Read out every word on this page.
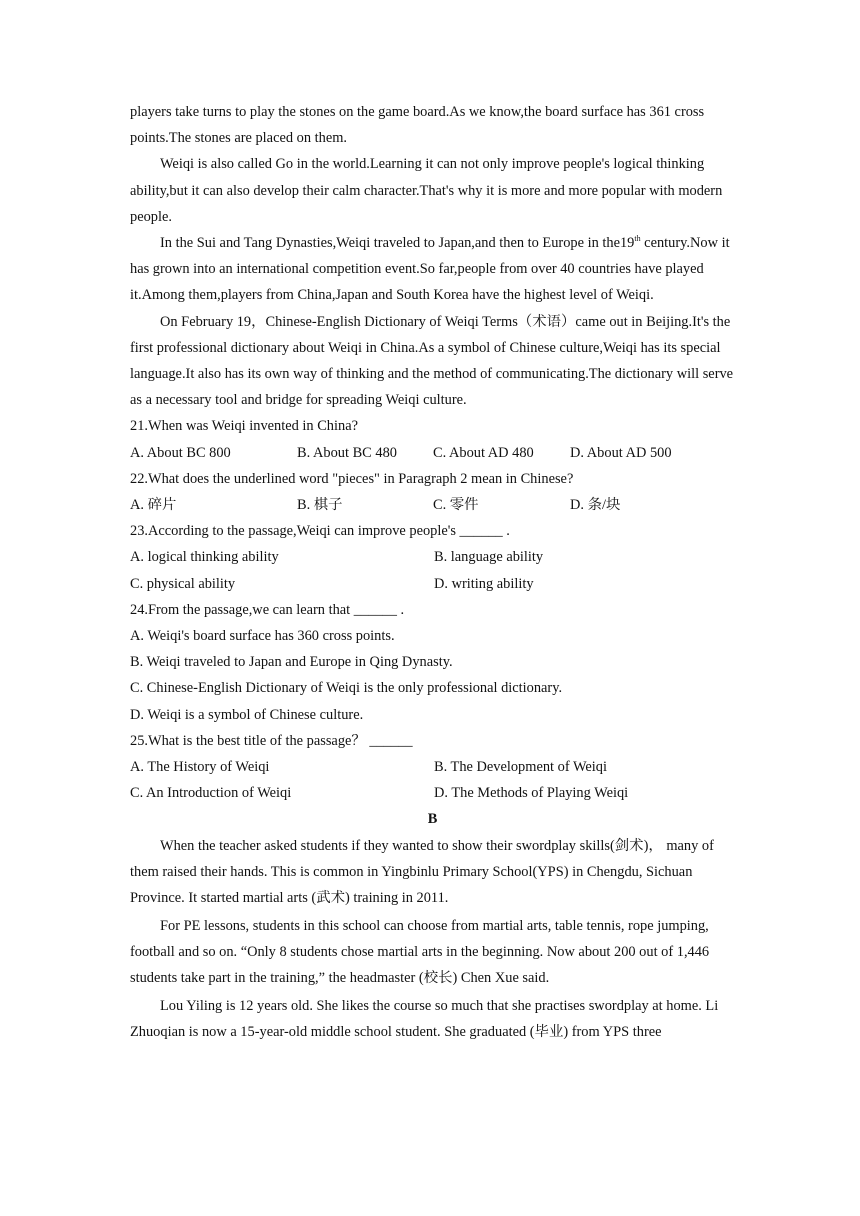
players take turns to play the stones on the game board.As we know,the board surface has 361 cross points.The stones are placed on them.

Weiqi is also called Go in the world.Learning it can not only improve people's logical thinking ability,but it can also develop their calm character.That's why it is more and more popular with modern people.

In the Sui and Tang Dynasties,Weiqi traveled to Japan,and then to Europe in the19th century.Now it has grown into an international competition event.So far,people from over 40 countries have played it.Among them,players from China,Japan and South Korea have the highest level of Weiqi.

On February 19，Chinese-English Dictionary of Weiqi Terms（术语）came out in Beijing.It's the first professional dictionary about Weiqi in China.As a symbol of Chinese culture,Weiqi has its special language.It also has its own way of thinking and the method of communicating.The dictionary will serve as a necessary tool and bridge for spreading Weiqi culture.

21.When was Weiqi invented in China?

A. About BC 800	B. About BC 480	C. About AD 480	D. About AD 500

22.What does the underlined word "pieces" in Paragraph 2 mean in Chinese?

A. 碎片	B. 棋子	C. 零件	D. 条/块

23.According to the passage,Weiqi can improve people's ______ .

A. logical thinking ability	B. language ability
C. physical ability	D. writing ability

24.From the passage,we can learn that ______ .

A. Weiqi's board surface has 360 cross points.

B. Weiqi traveled to Japan and Europe in Qing Dynasty.

C. Chinese-English Dictionary of Weiqi is the only professional dictionary.

D. Weiqi is a symbol of Chinese culture.

25.What is the best title of the passage？ ______

A. The History of Weiqi	B. The Development of Weiqi
C. An Introduction of Weiqi	D. The Methods of Playing Weiqi

B

When the teacher asked students if they wanted to show their swordplay skills(剑术)， many of them raised their hands. This is common in Yingbinlu Primary School(YPS) in Chengdu, Sichuan Province. It started martial arts (武术) training in 2011.

For PE lessons, students in this school can choose from martial arts, table tennis, rope jumping, football and so on. “Only 8 students chose martial arts in the beginning. Now about 200 out of 1,446 students take part in the training,” the headmaster (校长) Chen Xue said.

Lou Yiling is 12 years old. She likes the course so much that she practises swordplay at home. Li Zhuoqian is now a 15-year-old middle school student. She graduated (毕业) from YPS three
